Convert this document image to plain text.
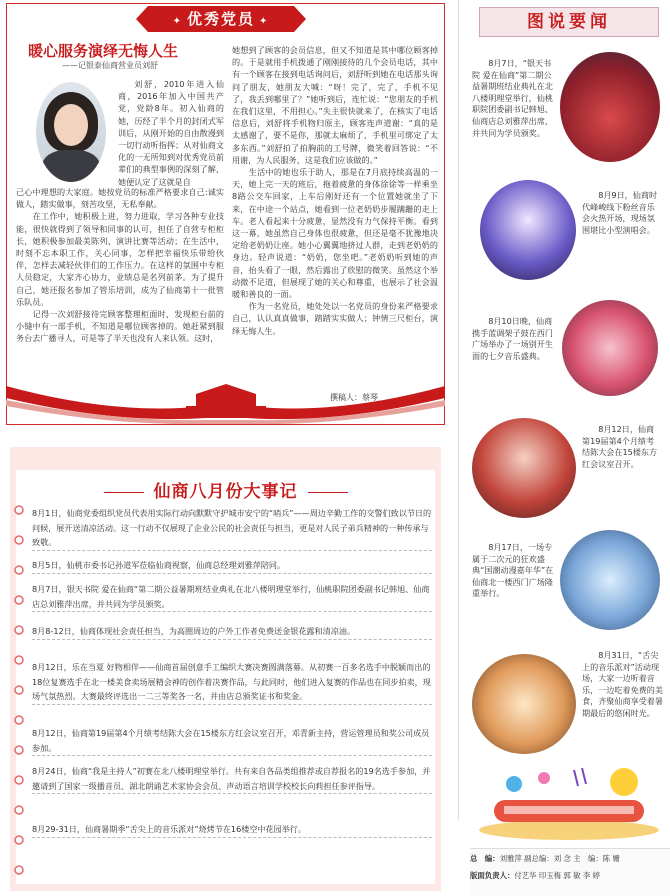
✦ 优秀党员 ✦
暖心服务演绎无悔人生
——记银泰仙商营业员刘舒
刘舒，2010年进入仙商，2016年加入中国共产党，党龄8年。初入仙商的她，历经了半个月的封闭式军训后，从刚开始的自由散漫到一切行动听指挥；从对仙商文化的一无所知到对优秀党员前辈们的典型事例的深刻了解，她便认定了这就是自
己心中理想的大家庭。她按党员的标准严格要求自己:诚实做人，踏实做事，刻苦攻坚，无私奉献。
　　在工作中，她积极上进，努力进取，学习各种专业技能，很快就得到了领导和同事的认可，担任了自营专柜柜长，她积极参加最美陈列、演讲比赛等活动；在生活中，时刻不忘本职工作，关心同事，怎样把幸福快乐带给伙伴，怎样去减轻伙伴们的工作压力。在这样的氛围中专柜人员稳定，大家齐心协力，业绩总是名列前茅。为了提升自己，她还报名参加了管乐培训，成为了仙商第十一批管乐队员。
　　记得一次刘舒接待完顾客整理柜面时，发现柜台前的小缝中有一部手机，不知道是哪位顾客掉的。她赶紧到服务台去广播寻人，可是等了半天也没有人来认领。这时，
她想到了顾客的会员信息，但又不知道是其中哪位顾客掉的。于是就用手机拨通了刚刚接待的几个会员电话，其中有一个顾客在接到电话询问后，刘舒听到她在电话那头询问了朋友，她朋友大喊：“呀！完了，完了，手机不见了，我丢到哪里了？”她听到后，连忙说：“您朋友的手机在我们这里，不用担心。”失主很快就来了，在核实了电话信息后，刘舒将手机物归原主，顾客连声道谢：“真的是太感谢了，要不是你，那就太麻烦了，手机里可绑定了太多东西。”刘舒拍了拍胸前的工号牌，微笑着回答说：“不用谢，为人民服务，这是我们应该做的。”
　　生活中的她也乐于助人，那是在7月底持续高温的一天，她上完一天的班后，拖着疲惫的身体徐徐等一样乘坐8路公交车回家，上车后刚好还有一个位置她就坐了下来，在中途一个站点，她看到一位老奶奶步履蹒跚的走上车。老人看起来十分疲惫，显然没有力气保持平衡。看到这一幕，她虽然自己身体也很疲惫，但还是毫不犹豫地决定给老奶奶让座。她小心翼翼地挤过人群，走到老奶奶的身边。轻声说道：“奶奶，您坐吧。”老奶奶听到她的声音，抬头看了一眼，然后露出了欣慰的微笑。虽然这个举动微不足道，但展现了她的关心和尊重，也展示了社会温暖和善良的一面。
　　作为一名党员，她处处以一名党员的身份来严格要求自己，认认真真做事，踏踏实实做人；钟情三尺柜台，演绎无悔人生。
撰稿人：蔡琴
仙商八月份大事记
8月1日，仙商党委组织党员代表用实际行动向默默守护城市安宁的“哨兵”——周边辛勤工作的交警们致以节日的问候，展开送清凉活动。这一行动不仅展现了企业公民的社会责任与担当，更是对人民子弟兵精神的一种传承与致敬。
8月5日，仙桃市委书记孙道军莅临仙商视察，仙商总经理刘雅萍陪同。
8月7日，银天书院 爱在仙商“第二期公益暑期班结业典礼在北八楼明理堂举行，仙桃职院团委副书记韩旭、仙商店总刘雅萍出席，并共同为学员颁奖。
8月8-12日，仙商体现社会责任担当，为高圈周边的户外工作者免费送金银花露和清凉油。
8月12日，乐在当夏 好物相伴——仙商首届创意手工编织大赛决赛圆满落幕。从初赛一百多名选手中脱颖而出的18位复赛选手在北一楼美食卖场展精会神的创作着决赛作品，与此同时，他们进入复赛的作品也在同步拍卖，现场气氛热烈。大赛最终评选出一二三等奖各一名，并由店总颁奖证书和奖金。
8月12日，仙商第19届第4个月绩考结陈大会在15楼东方红会议室召开，邓青新主持，营运管理员和奖公司成员参加。
8月24日，仙商“我是主持人”初赛在北八楼明理堂举行。共有来自各品类组推荐或自荐报名的19名选手参加，并邀请到了国家一级播音员、湖北朗诵艺术家协会会员、声动语言培训学校校长向莉担任参评指导。
8月29-31日，仙商暑期季“舌尖上的音乐派对”烧烤节在16楼空中花园举行。
图说要闻
8月7日，“银天书院 爱在仙商”第二期公益暑期班结业典礼在北八楼明理堂举行，仙桃职院团委副书记韩旭、仙商店总刘雅萍出席，并共同为学员颁奖。
8月9日，仙商时代峰峻线下粉丝音乐会火热开场，现场氛围堪比小型演唱会。
8月10日晚，仙商携手蓝调架子鼓在西门广场举办了一场别开生面的七夕音乐盛典。
8月12日，仙商第19届第4个月绩考结陈大会在15楼东方红会议室召开。
8月17日，一场专属于二次元的狂欢盛典“国潮动漫嘉年华”在仙商北一楼西门广场隆重举行。
8月31日，“舌尖上的音乐派对”活动现场，大家一边听着音乐，一边吃着免费的美食，齐聚仙商享受着暑期最后的悠闲时光。
总　编：刘雅萍 副总编：刘 念 主　编：陈 姗
版面负责人：付艺华 印玉梅 郭 敏 李 婷
